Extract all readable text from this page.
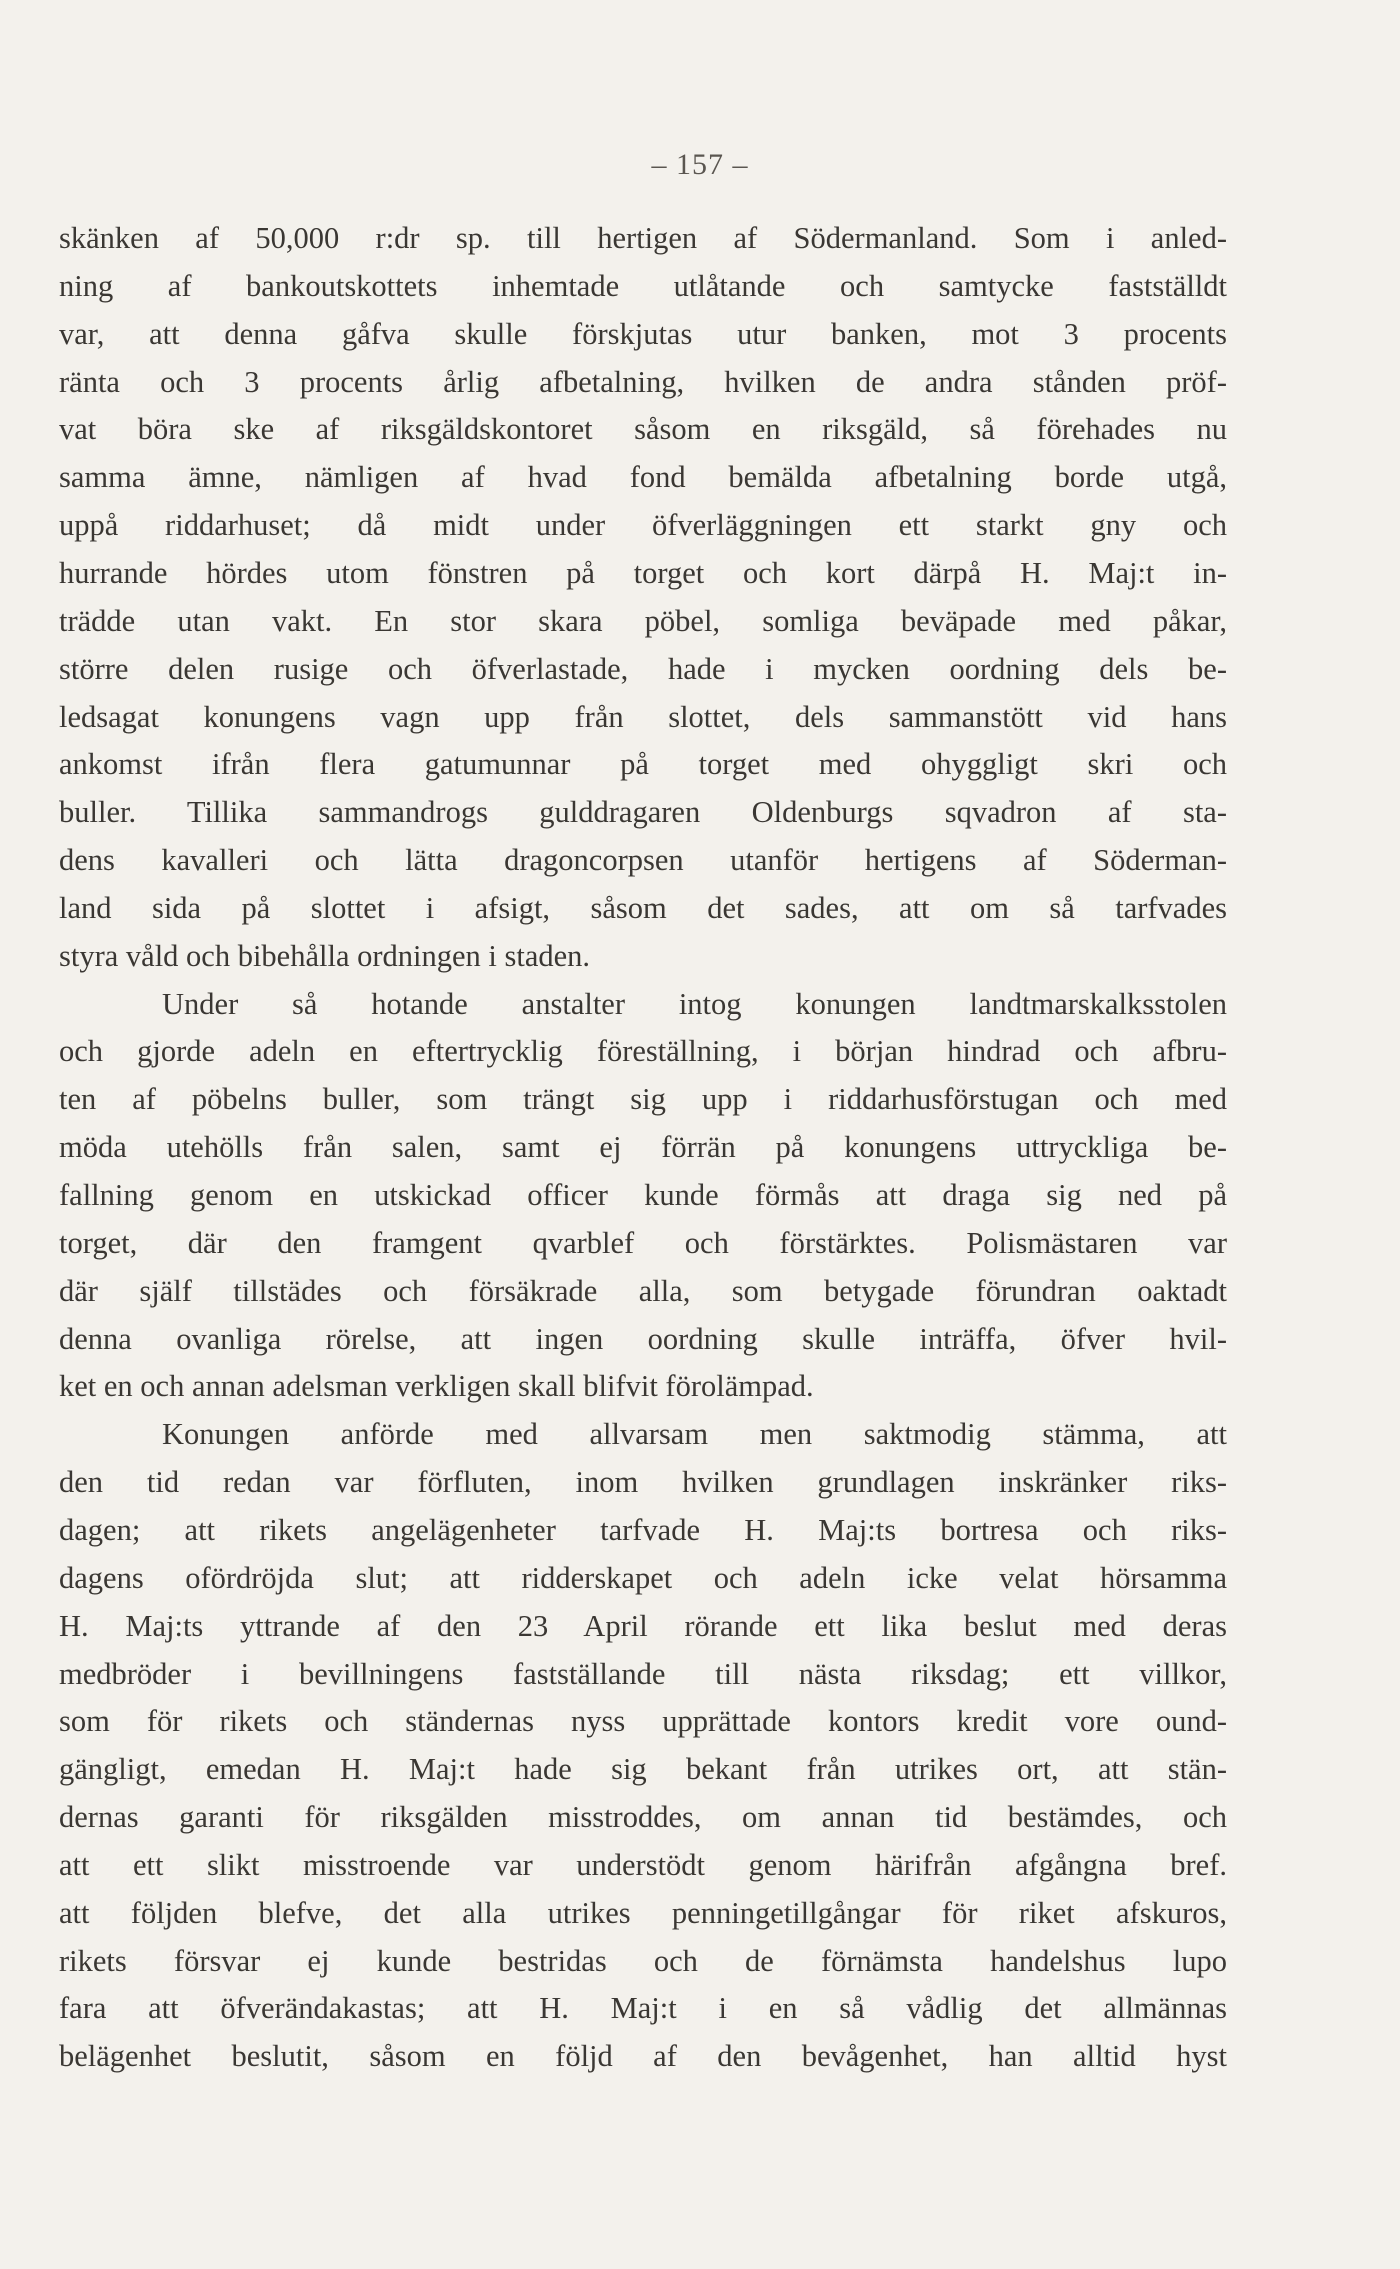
– 157 –
skänken af 50,000 r:dr sp. till hertigen af Södermanland. Som i anled-
ning af bankoutskottets inhemtade utlåtande och samtycke fastställdt
var, att denna gåfva skulle förskjutas utur banken, mot 3 procents
ränta och 3 procents årlig afbetalning, hvilken de andra stånden pröf-
vat böra ske af riksgäldskontoret såsom en riksgäld, så förehades nu
samma ämne, nämligen af hvad fond bemälda afbetalning borde utgå,
uppå riddarhuset; då midt under öfverläggningen ett starkt gny och
hurrande hördes utom fönstren på torget och kort därpå H. Maj:t in-
trädde utan vakt. En stor skara pöbel, somliga beväpade med påkar,
större delen rusige och öfverlastade, hade i mycken oordning dels be-
ledsagat konungens vagn upp från slottet, dels sammanstött vid hans
ankomst ifrån flera gatumunnar på torget med ohyggligt skri och
buller. Tillika sammandrogs gulddragaren Oldenburgs sqvadron af sta-
dens kavalleri och lätta dragoncorpsen utanför hertigens af Söderman-
land sida på slottet i afsigt, såsom det sades, att om så tarfvades
styra våld och bibehålla ordningen i staden.
Under så hotande anstalter intog konungen landtmarskalksstolen
och gjorde adeln en eftertrycklig föreställning, i början hindrad och afbru-
ten af pöbelns buller, som trängt sig upp i riddarhusförstugan och med
möda utehölls från salen, samt ej förrän på konungens uttryckliga be-
fallning genom en utskickad officer kunde förmås att draga sig ned på
torget, där den framgent qvarblef och förstärktes. Polismästaren var
där själf tillstädes och försäkrade alla, som betygade förundran oaktadt
denna ovanliga rörelse, att ingen oordning skulle inträffa, öfver hvil-
ket en och annan adelsman verkligen skall blifvit förolämpad.
Konungen anförde med allvarsam men saktmodig stämma, att
den tid redan var förfluten, inom hvilken grundlagen inskränker riks-
dagen; att rikets angelägenheter tarfvade H. Maj:ts bortresa och riks-
dagens ofördröjda slut; att ridderskapet och adeln icke velat hörsamma
H. Maj:ts yttrande af den 23 April rörande ett lika beslut med deras
medbröder i bevillningens fastställande till nästa riksdag; ett villkor,
som för rikets och ständernas nyss upprättade kontors kredit vore ound-
gängligt, emedan H. Maj:t hade sig bekant från utrikes ort, att stän-
dernas garanti för riksgälden misstroddes, om annan tid bestämdes, och
att ett slikt misstroende var understödt genom härifrån afgångna bref.
att följden blefve, det alla utrikes penningetillgångar för riket afskuros,
rikets försvar ej kunde bestridas och de förnämsta handelshus lupo
fara att öfverändakastas; att H. Maj:t i en så vådlig det allmännas
belägenhet beslutit, såsom en följd af den bevågenhet, han alltid hyst
